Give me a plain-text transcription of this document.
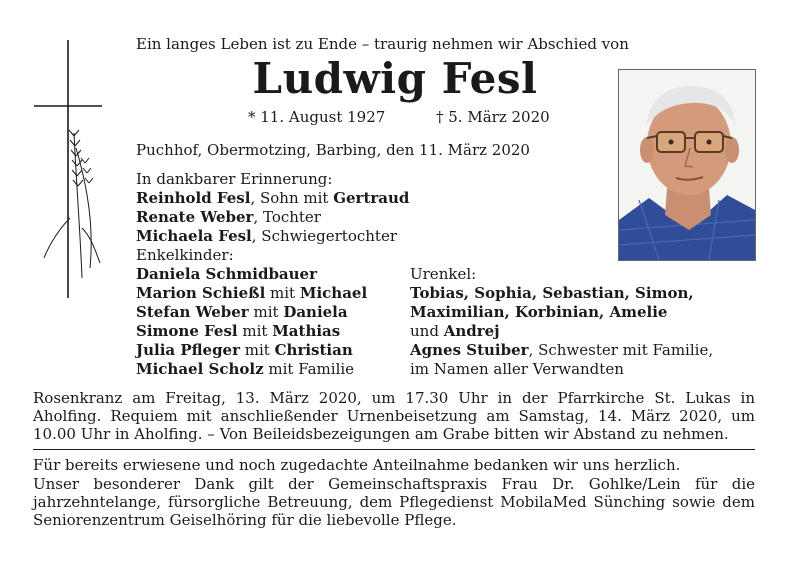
Ein langes Leben ist zu Ende – traurig nehmen wir Abschied von
Ludwig Fesl
* 11. August 1927	† 5. März 2020
Puchhof, Obermotzing, Barbing, den 11. März 2020
In dankbarer Erinnerung:
Reinhold Fesl, Sohn mit Gertraud
Renate Weber, Tochter
Michaela Fesl, Schwiegertochter
Enkelkinder:
Daniela Schmidbauer
Marion Schießl mit Michael
Stefan Weber mit Daniela
Simone Fesl mit Mathias
Julia Pfleger mit Christian
Michael Scholz mit Familie
Urenkel:
Tobias, Sophia, Sebastian, Simon,
Maximilian, Korbinian, Amelie
und Andrej
Agnes Stuiber, Schwester mit Familie,
im Namen aller Verwandten
Rosenkranz am Freitag, 13. März 2020, um 17.30 Uhr in der Pfarrkirche St. Lukas in Aholfing. Requiem mit anschließender Urnenbeisetzung am Samstag, 14. März 2020, um 10.00 Uhr in Aholfing. – Von Beileidsbezeigungen am Grabe bitten wir Abstand zu nehmen.
Für bereits erwiesene und noch zugedachte Anteilnahme bedanken wir uns herzlich.
Unser besonderer Dank gilt der Gemeinschaftspraxis Frau Dr. Gohlke/Lein für die jahrzehntelange, fürsorgliche Betreuung, dem Pflegedienst MobilaMed Sünching sowie dem Seniorenzentrum Geiselhöring für die liebevolle Pflege.
